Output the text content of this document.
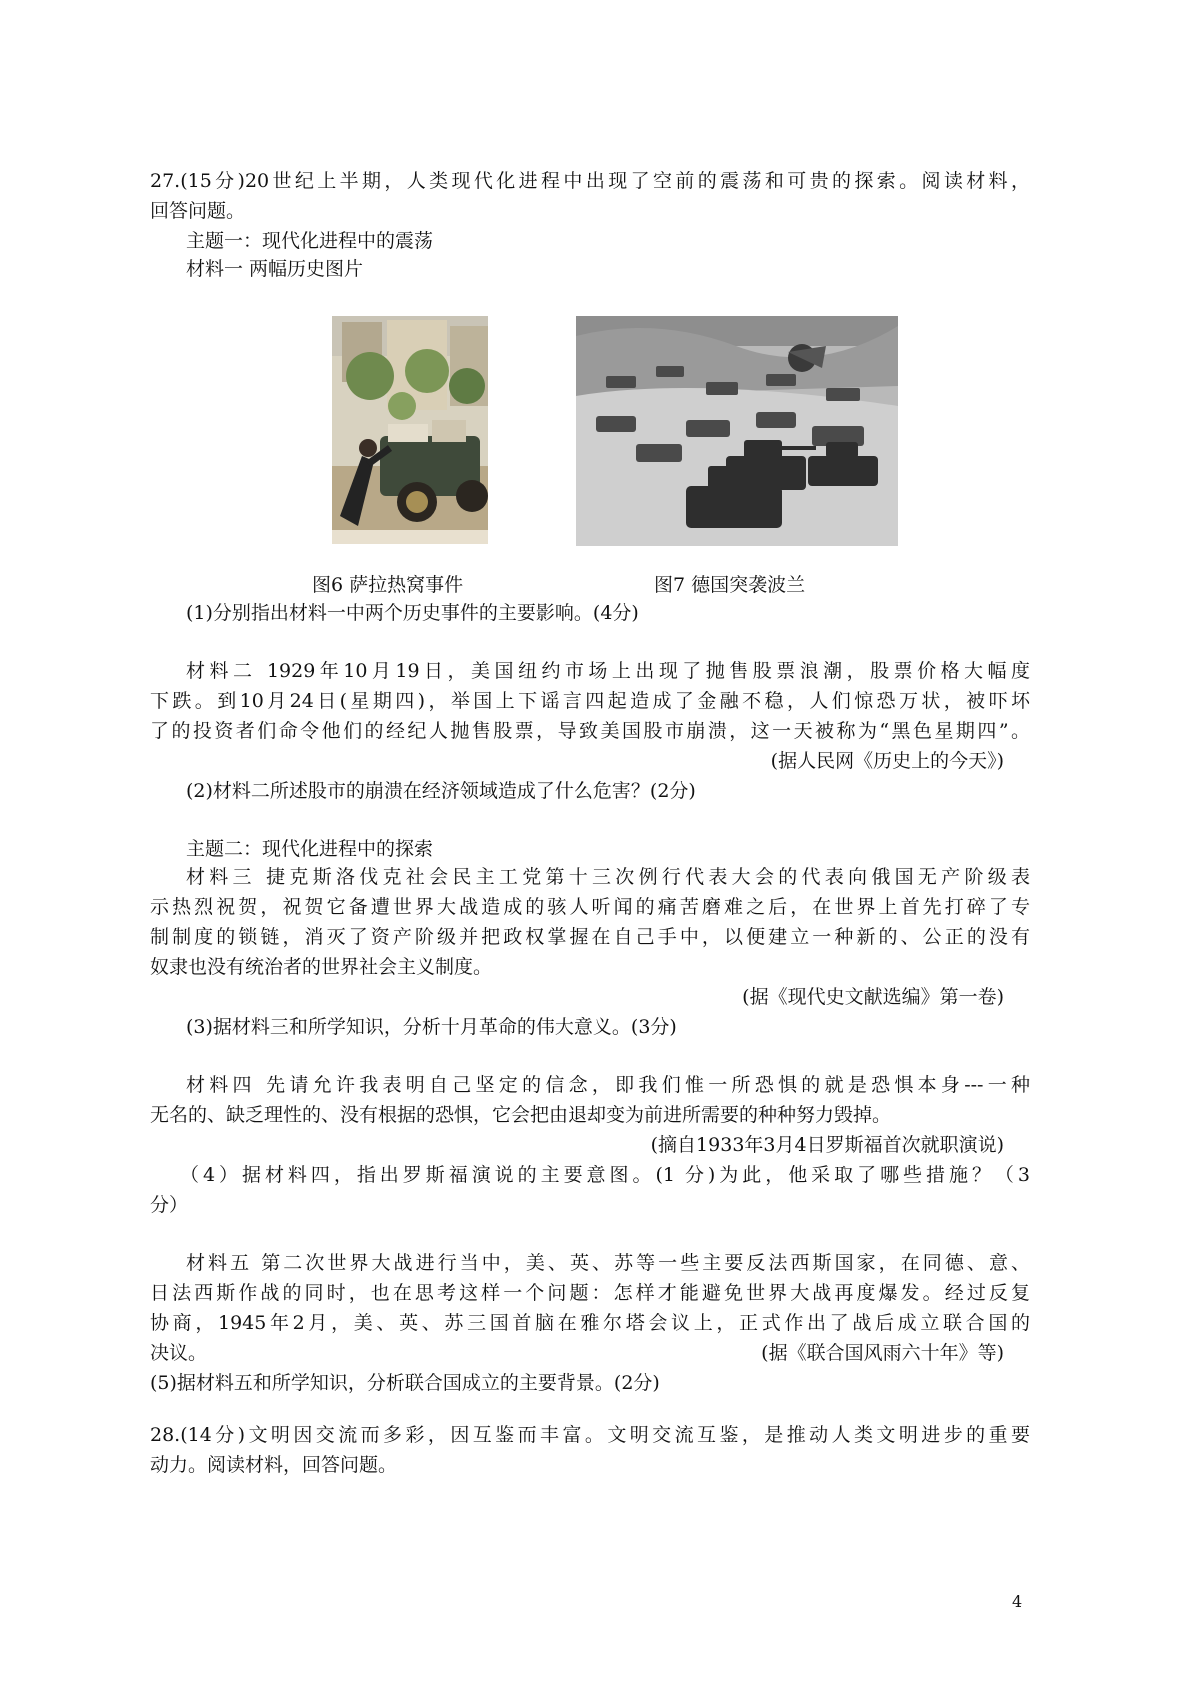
27.(15分)20世纪上半期，人类现代化进程中出现了空前的震荡和可贵的探索。阅读材料，
回答问题。
主题一：现代化进程中的震荡
材料一 两幅历史图片
图6 萨拉热窝事件	图7 德国突袭波兰
(1)分别指出材料一中两个历史事件的主要影响。(4分)
材料二 1929年10月19日，美国纽约市场上出现了抛售股票浪潮，股票价格大幅度
下跌。到10月24日(星期四)，举国上下谣言四起造成了金融不稳，人们惊恐万状，被吓坏
了的投资者们命令他们的经纪人抛售股票，导致美国股市崩溃，这一天被称为“黑色星期四”。
(据人民网《历史上的今天》)
(2)材料二所述股市的崩溃在经济领域造成了什么危害？(2分)
主题二：现代化进程中的探索
材料三 捷克斯洛伐克社会民主工党第十三次例行代表大会的代表向俄国无产阶级表
示热烈祝贺，祝贺它备遭世界大战造成的骇人听闻的痛苦磨难之后，在世界上首先打碎了专
制制度的锁链，消灭了资产阶级并把政权掌握在自己手中，以便建立一种新的、公正的没有
奴隶也没有统治者的世界社会主义制度。
(据《现代史文献选编》第一卷)
(3)据材料三和所学知识，分析十月革命的伟大意义。(3分)
材料四 先请允许我表明自己坚定的信念，即我们惟一所恐惧的就是恐惧本身---一种
无名的、缺乏理性的、没有根据的恐惧，它会把由退却变为前进所需要的种种努力毁掉。
(摘自1933年3月4日罗斯福首次就职演说)
（4）据材料四，指出罗斯福演说的主要意图。(1 分)为此，他采取了哪些措施？（3
分）
材料五 第二次世界大战进行当中，美、英、苏等一些主要反法西斯国家，在同德、意、
日法西斯作战的同时，也在思考这样一个问题：怎样才能避免世界大战再度爆发。经过反复
协商，1945年2月，美、英、苏三国首脑在雅尔塔会议上，正式作出了战后成立联合国的
决议。	(据《联合国风雨六十年》等)
(5)据材料五和所学知识，分析联合国成立的主要背景。(2分)
28.(14分)文明因交流而多彩，因互鉴而丰富。文明交流互鉴，是推动人类文明进步的重要
动力。阅读材料，回答问题。
4
